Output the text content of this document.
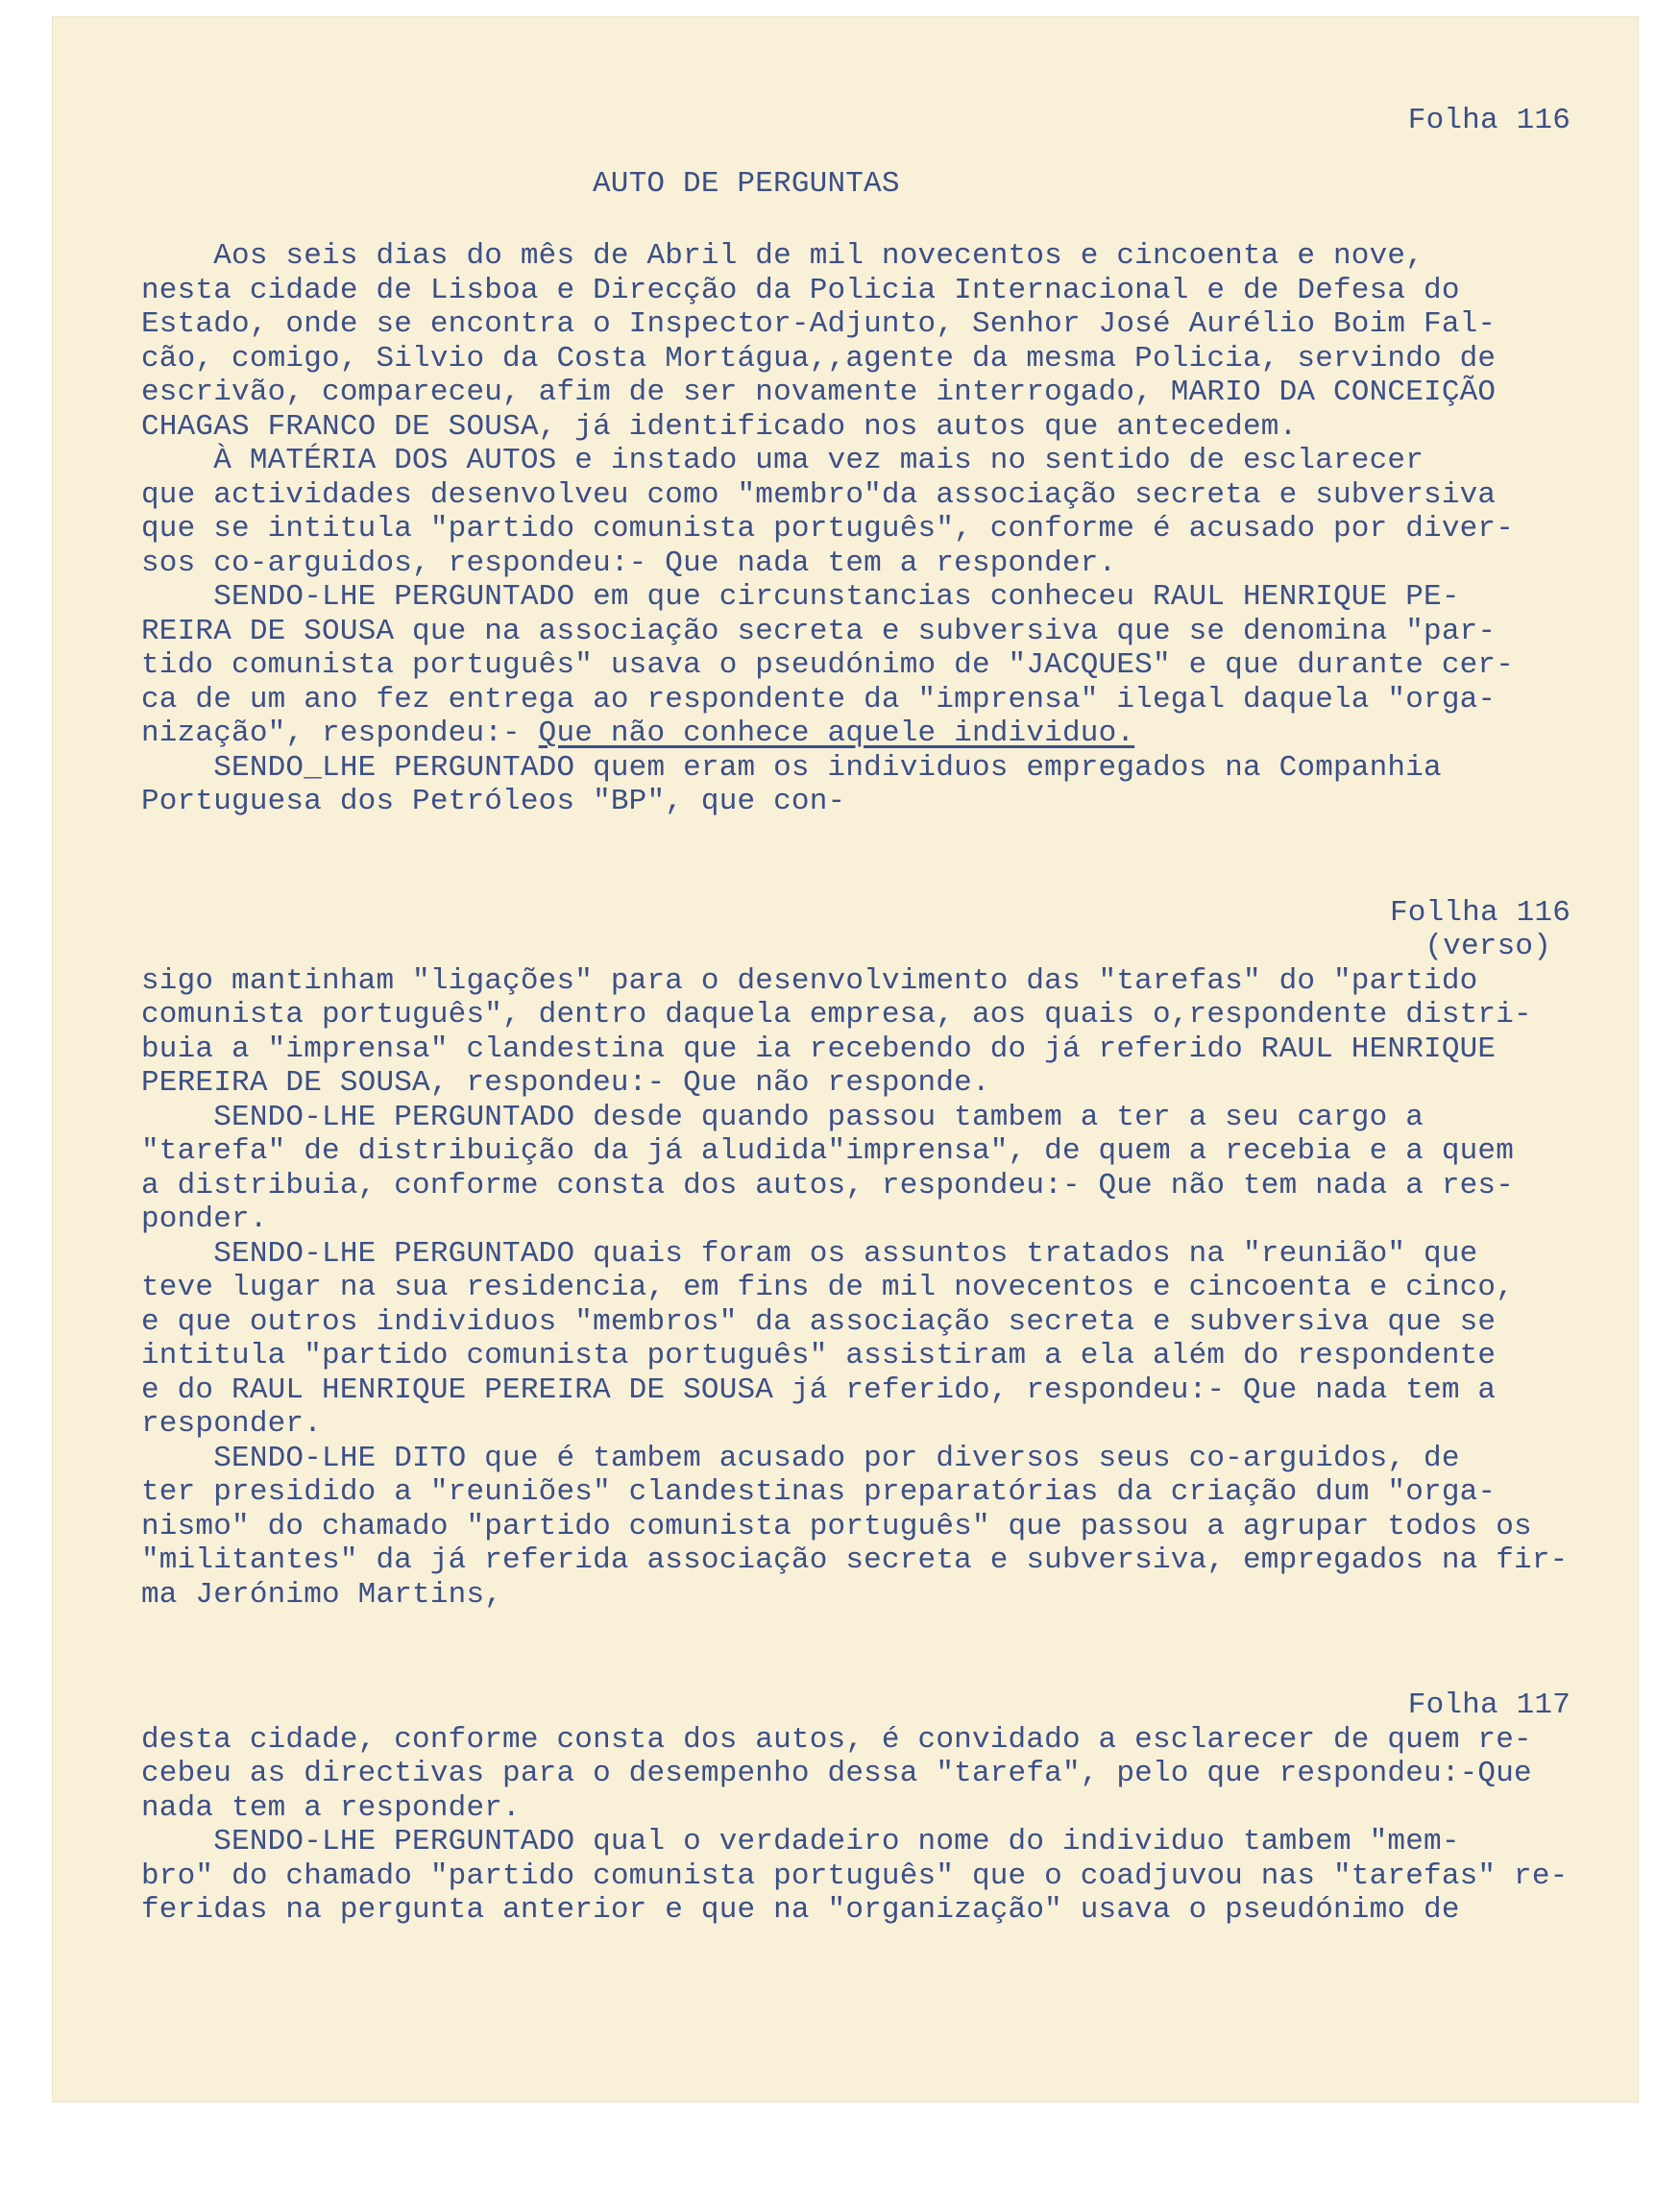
Folha 116
AUTO DE PERGUNTAS
Aos seis dias do mês de Abril de mil novecentos e cincoenta e nove,
nesta cidade de Lisboa e Direcção da Policia Internacional e de Defesa do
Estado, onde se encontra o Inspector-Adjunto, Senhor José Aurélio Boim Fal-
cão, comigo, Silvio da Costa Mortágua,,agente da mesma Policia, servindo de
escrivão, compareceu, afim de ser novamente interrogado, MARIO DA CONCEIÇÃO
CHAGAS FRANCO DE SOUSA, já identificado nos autos que antecedem.
À MATÉRIA DOS AUTOS e instado uma vez mais no sentido de esclarecer
que actividades desenvolveu como "membro"da associação secreta e subversiva
que se intitula "partido comunista português", conforme é acusado por diver-
sos co-arguidos, respondeu:- Que nada tem a responder.
SENDO-LHE PERGUNTADO em que circunstancias conheceu RAUL HENRIQUE PE-
REIRA DE SOUSA que na associação secreta e subversiva que se denomina "par-
tido comunista português" usava o pseudónimo de "JACQUES" e que durante cer-
ca de um ano fez entrega ao respondente da "imprensa" ilegal daquela "orga-
nização", respondeu:- Que não conhece aquele individuo.
SENDO_LHE PERGUNTADO quem eram os individuos empregados na Companhia
Portuguesa dos Petróleos "BP", que con-
Follha 116
(verso)
sigo mantinham "ligações" para o desenvolvimento das "tarefas" do "partido
comunista português", dentro daquela empresa, aos quais o,respondente distri-
buia a "imprensa" clandestina que ia recebendo do já referido RAUL HENRIQUE
PEREIRA DE SOUSA, respondeu:- Que não responde.
SENDO-LHE PERGUNTADO desde quando passou tambem a ter a seu cargo a
"tarefa" de distribuição da já aludida"imprensa", de quem a recebia e a quem
a distribuia, conforme consta dos autos, respondeu:- Que não tem nada a res-
ponder.
SENDO-LHE PERGUNTADO quais foram os assuntos tratados na "reunião" que
teve lugar na sua residencia, em fins de mil novecentos e cincoenta e cinco,
e que outros individuos "membros" da associação secreta e subversiva que se
intitula "partido comunista português" assistiram a ela além do respondente
e do RAUL HENRIQUE PEREIRA DE SOUSA já referido, respondeu:- Que nada tem a
responder.
SENDO-LHE DITO que é tambem acusado por diversos seus co-arguidos, de
ter presidido a "reuniões" clandestinas preparatórias da criação dum "orga-
nismo" do chamado "partido comunista português" que passou a agrupar todos os
"militantes" da já referida associação secreta e subversiva, empregados na fir-
ma Jerónimo Martins,
Folha 117
desta cidade, conforme consta dos autos, é convidado a esclarecer de quem re-
cebeu as directivas para o desempenho dessa "tarefa", pelo que respondeu:-Que
nada tem a responder.
SENDO-LHE PERGUNTADO qual o verdadeiro nome do individuo tambem "mem-
bro" do chamado "partido comunista português" que o coadjuvou nas "tarefas" re-
feridas na pergunta anterior e que na "organização" usava o pseudónimo de
